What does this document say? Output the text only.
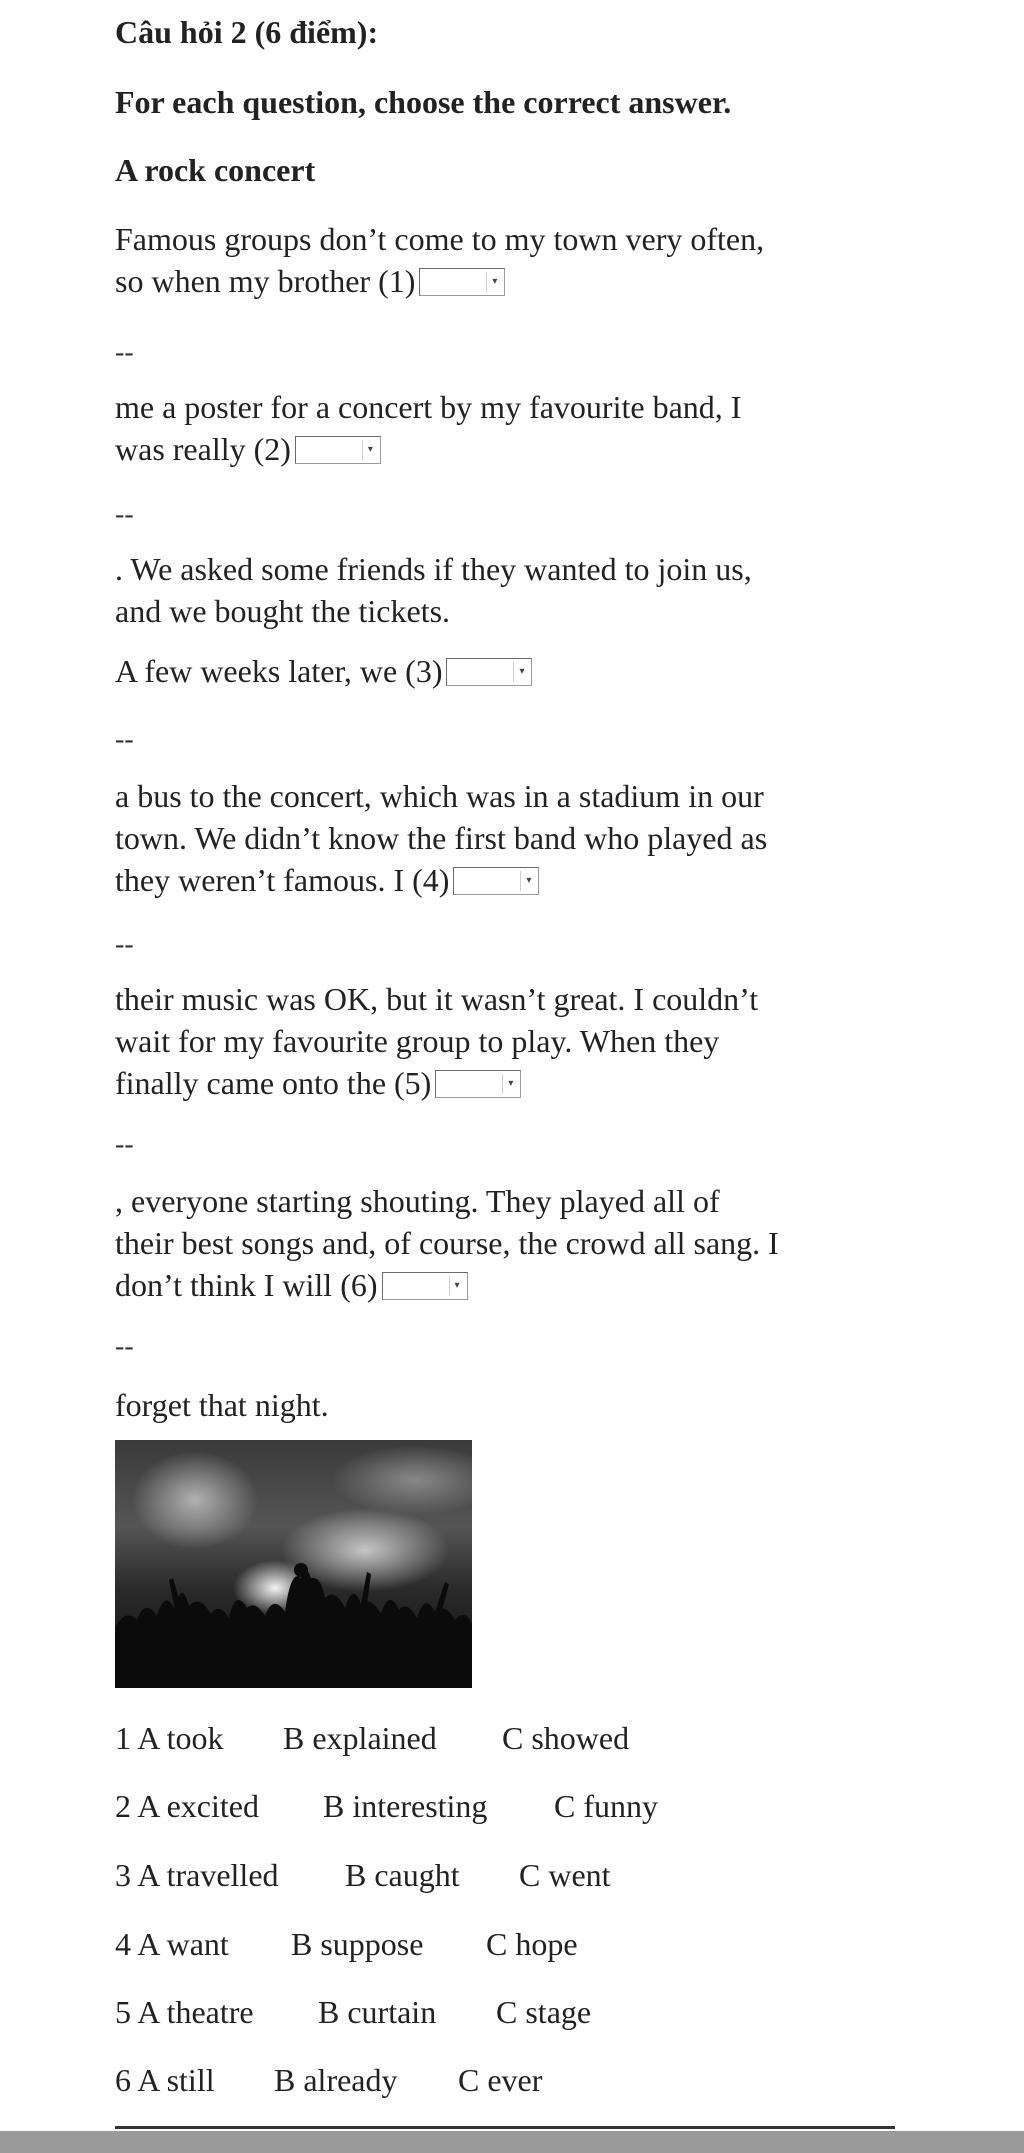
Câu hỏi 2 (6 điểm):
For each question, choose the correct answer.
A rock concert
Famous groups don’t come to my town very often,
so when my brother (1)	▾
--
me a poster for a concert by my favourite band, I
was really (2)	▾
--
. We asked some friends if they wanted to join us,
and we bought the tickets.
A few weeks later, we (3)	▾
--
a bus to the concert, which was in a stadium in our
town. We didn’t know the first band who played as
they weren’t famous. I (4)	▾
--
their music was OK, but it wasn’t great. I couldn’t
wait for my favourite group to play. When they
finally came onto the (5)	▾
--
, everyone starting shouting. They played all of
their best songs and, of course, the crowd all sang. I
don’t think I will (6)	▾
--
forget that night.
1 A took B explained C showed
2 A excited B interesting C funny
3 A travelled B caught C went
4 A want B suppose C hope
5 A theatre B curtain C stage
6 A still B already C ever
